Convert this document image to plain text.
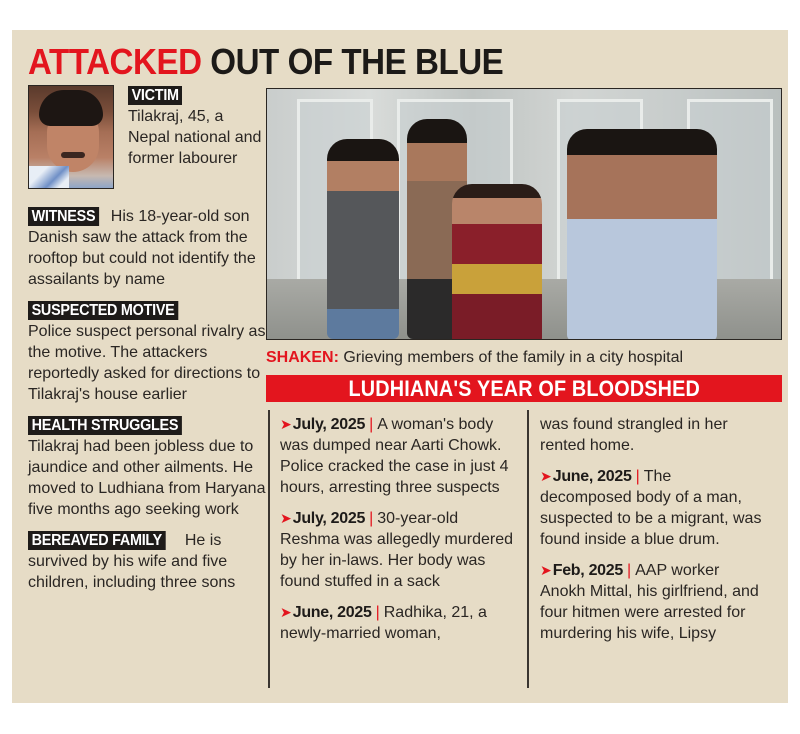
ATTACKED OUT OF THE BLUE
VICTIM
Tilakraj, 45, a Nepal national and former labourer
WITNESS His 18-year-old son Danish saw the attack from the rooftop but could not identify the assailants by name
SUSPECTED MOTIVE
Police suspect personal rivalry as the motive. The attackers reportedly asked for directions to Tilakraj's house earlier
HEALTH STRUGGLES
Tilakraj had been jobless due to jaundice and other ailments. He moved to Ludhiana from Haryana five months ago seeking work
BEREAVED FAMILY He is survived by his wife and five children, including three sons
SHAKEN: Grieving members of the family in a city hospital
LUDHIANA'S YEAR OF BLOODSHED
➤July, 2025 | A woman's body was dumped near Aarti Chowk. Police cracked the case in just 4 hours, arresting three suspects
➤July, 2025 | 30-year-old Reshma was allegedly murdered by her in-laws. Her body was found stuffed in a sack
➤June, 2025 | Radhika, 21, a newly-married woman,
was found strangled in her rented home.
➤June, 2025 | The decomposed body of a man, suspected to be a migrant, was found inside a blue drum.
➤Feb, 2025 | AAP worker Anokh Mittal, his girlfriend, and four hitmen were arrested for murdering his wife, Lipsy
